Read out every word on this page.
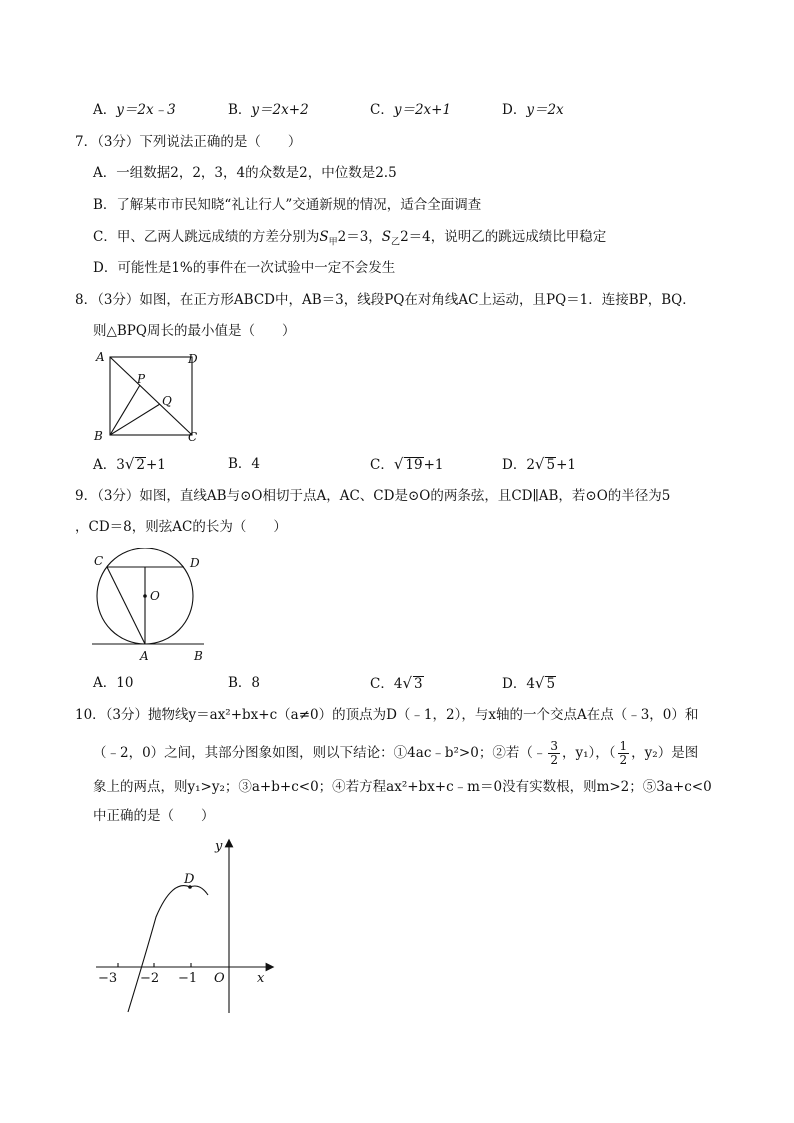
A．y＝2x﹣3	B．y＝2x+2	C．y＝2x+1	D．y＝2x
7．（3分）下列说法正确的是（　　）
A．一组数据2，2，3，4的众数是2，中位数是2.5
B．了解某市市民知晓“礼让行人”交通新规的情况，适合全面调查
C．甲、乙两人跳远成绩的方差分别为$S_甲2=3$，$S_乙2=4$，说明乙的跳远成绩比甲稳定
D．可能性是1%的事件在一次试验中一定不会发生
8．（3分）如图，在正方形ABCD中，AB＝3，线段PQ在对角线AC上运动，且PQ＝1．连接BP，BQ．
则△BPQ周长的最小值是（　　）
A	D
B	C
P
Q
A．3√ 2+1	B．4	C．√ 19+1	D．2√ 5+1
9．（3分）如图，直线AB与⊙O相切于点A，AC、CD是⊙O的两条弦，且CD∥AB，若⊙O的半径为5
，CD＝8，则弦AC的长为（　　）
C	D
O
A	B
A．10	B．8	C．4√ 3	D．4√ 5
10．（3分）抛物线y＝ax²+bx+c（a≠0）的顶点为D（﹣1，2），与x轴的一个交点A在点（﹣3，0）和
（﹣2，0）之间，其部分图象如图，则以下结论：①4ac﹣b²>0；②若（﹣ $\frac{3}{2}$ ，y₁），（ $\frac{1}{2}$ ，y₂）是图
象上的两点，则y₁>y₂；③a+b+c<0；④若方程ax²+bx+c﹣m＝0没有实数根，则m>2；⑤3a+c<0
中正确的是（　　）
−3 −2 −1 O x
y
D
